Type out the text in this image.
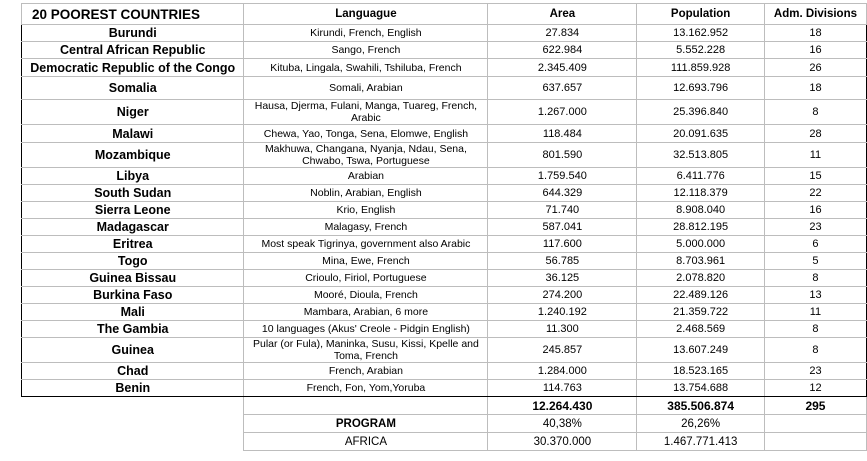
20 POOREST COUNTRIES	Languague	Area	Population	Adm. Divisions
Burundi	Kirundi, French, English	27.834	13.162.952	18
Central African Republic	Sango, French	622.984	5.552.228	16
Democratic Republic of the Congo	Kituba, Lingala, Swahili, Tshiluba, French	2.345.409	111.859.928	26
Somalia	Somali, Arabian	637.657	12.693.796	18
Niger	Hausa, Djerma, Fulani, Manga, Tuareg, French, Arabic	1.267.000	25.396.840	8
Malawi	Chewa, Yao, Tonga, Sena, Elomwe, English	118.484	20.091.635	28
Mozambique	Makhuwa, Changana, Nyanja, Ndau, Sena, Chwabo, Tswa, Portuguese	801.590	32.513.805	11
Libya	Arabian	1.759.540	6.411.776	15
South Sudan	Noblin, Arabian, English	644.329	12.118.379	22
Sierra Leone	Krio, English	71.740	8.908.040	16
Madagascar	Malagasy, French	587.041	28.812.195	23
Eritrea	Most speak Tigrinya, government also Arabic	117.600	5.000.000	6
Togo	Mina, Ewe, French	56.785	8.703.961	5
Guinea Bissau	Crioulo, Firiol, Portuguese	36.125	2.078.820	8
Burkina Faso	Mooré, Dioula, French	274.200	22.489.126	13
Mali	Mambara, Arabian, 6 more	1.240.192	21.359.722	11
The Gambia	10 languages (Akus' Creole - Pidgin English)	11.300	2.468.569	8
Guinea	Pular (or Fula), Maninka, Susu, Kissi, Kpelle and Toma, French	245.857	13.607.249	8
Chad	French, Arabian	1.284.000	18.523.165	23
Benin	French, Fon, Yom,Yoruba	114.763	13.754.688	12
		12.264.430	385.506.874	295
	PROGRAM	40,38%	26,26%	
	AFRICA	30.370.000	1.467.771.413	
